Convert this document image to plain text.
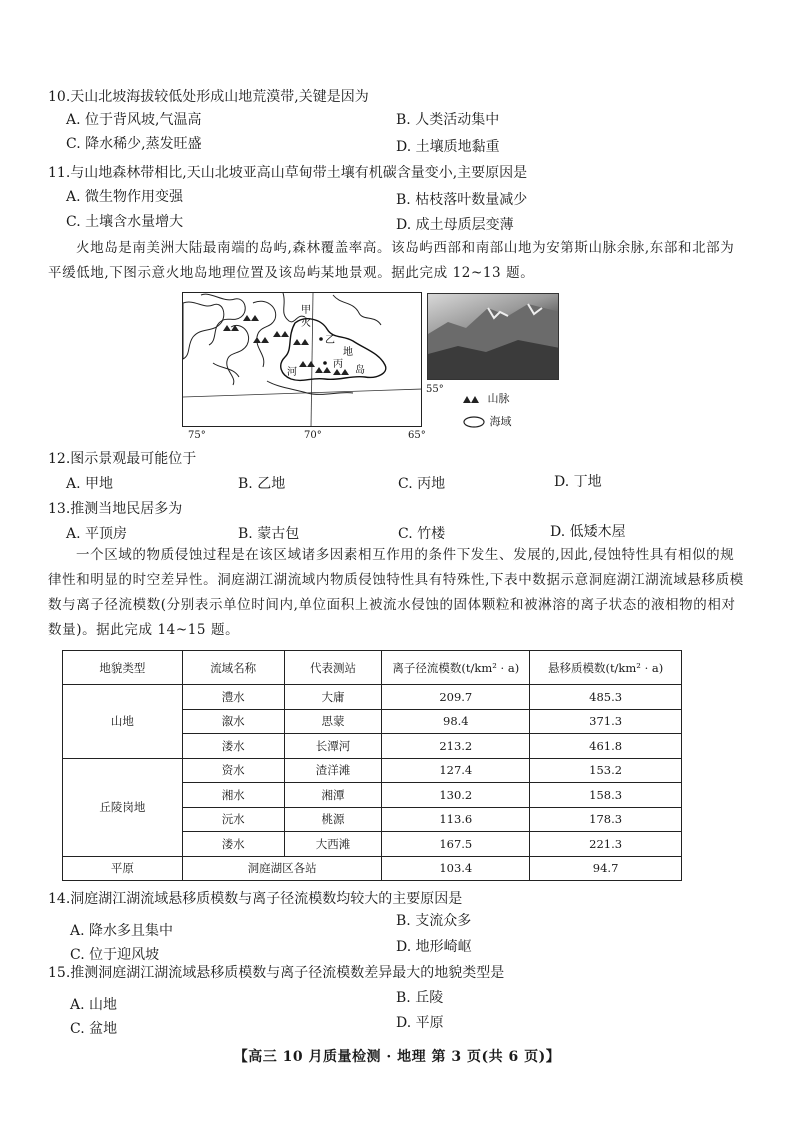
10.天山北坡海拔较低处形成山地荒漠带,关键是因为
A. 位于背风坡,气温高	B. 人类活动集中
C. 降水稀少,蒸发旺盛	D. 土壤质地黏重
11.与山地森林带相比,天山北坡亚高山草甸带土壤有机碳含量变小,主要原因是
A. 微生物作用变强	B. 枯枝落叶数量减少
C. 土壤含水量增大	D. 成土母质层变薄
火地岛是南美洲大陆最南端的岛屿,森林覆盖率高。该岛屿西部和南部山地为安第斯山脉余脉,东部和北部为平缓低地,下图示意火地岛地理位置及该岛屿某地景观。据此完成 12~13 题。
甲
火
乙
地
丙
岛
河
75°	70°	65°
55°
山脉
海域
12.图示景观最可能位于
A. 甲地	B. 乙地	C. 丙地	D. 丁地
13.推测当地民居多为
A. 平顶房	B. 蒙古包	C. 竹楼	D. 低矮木屋
一个区域的物质侵蚀过程是在该区域诸多因素相互作用的条件下发生、发展的,因此,侵蚀特性具有相似的规律性和明显的时空差异性。洞庭湖江湖流域内物质侵蚀特性具有特殊性,下表中数据示意洞庭湖江湖流域悬移质模数与离子径流模数(分别表示单位时间内,单位面积上被流水侵蚀的固体颗粒和被淋溶的离子状态的液相物的相对数量)。据此完成 14~15 题。
地貌类型	流域名称	代表测站	离子径流模数(t/km² · a)	悬移质模数(t/km² · a)
山地	澧水	大庸	209.7	485.3
	溆水	思蒙	98.4	371.3
	溇水	长潭河	213.2	461.8
丘陵岗地	资水	渣洋滩	127.4	153.2
	湘水	湘潭	130.2	158.3
	沅水	桃源	113.6	178.3
	溇水	大西滩	167.5	221.3
平原	洞庭湖区各站		103.4	94.7
14.洞庭湖江湖流域悬移质模数与离子径流模数均较大的主要原因是
B. 支流众多
A. 降水多且集中
D. 地形崎岖
C. 位于迎风坡
15.推测洞庭湖江湖流域悬移质模数与离子径流模数差异最大的地貌类型是
B. 丘陵
A. 山地
D. 平原
C. 盆地
【高三 10 月质量检测 · 地理 第 3 页(共 6 页)】
